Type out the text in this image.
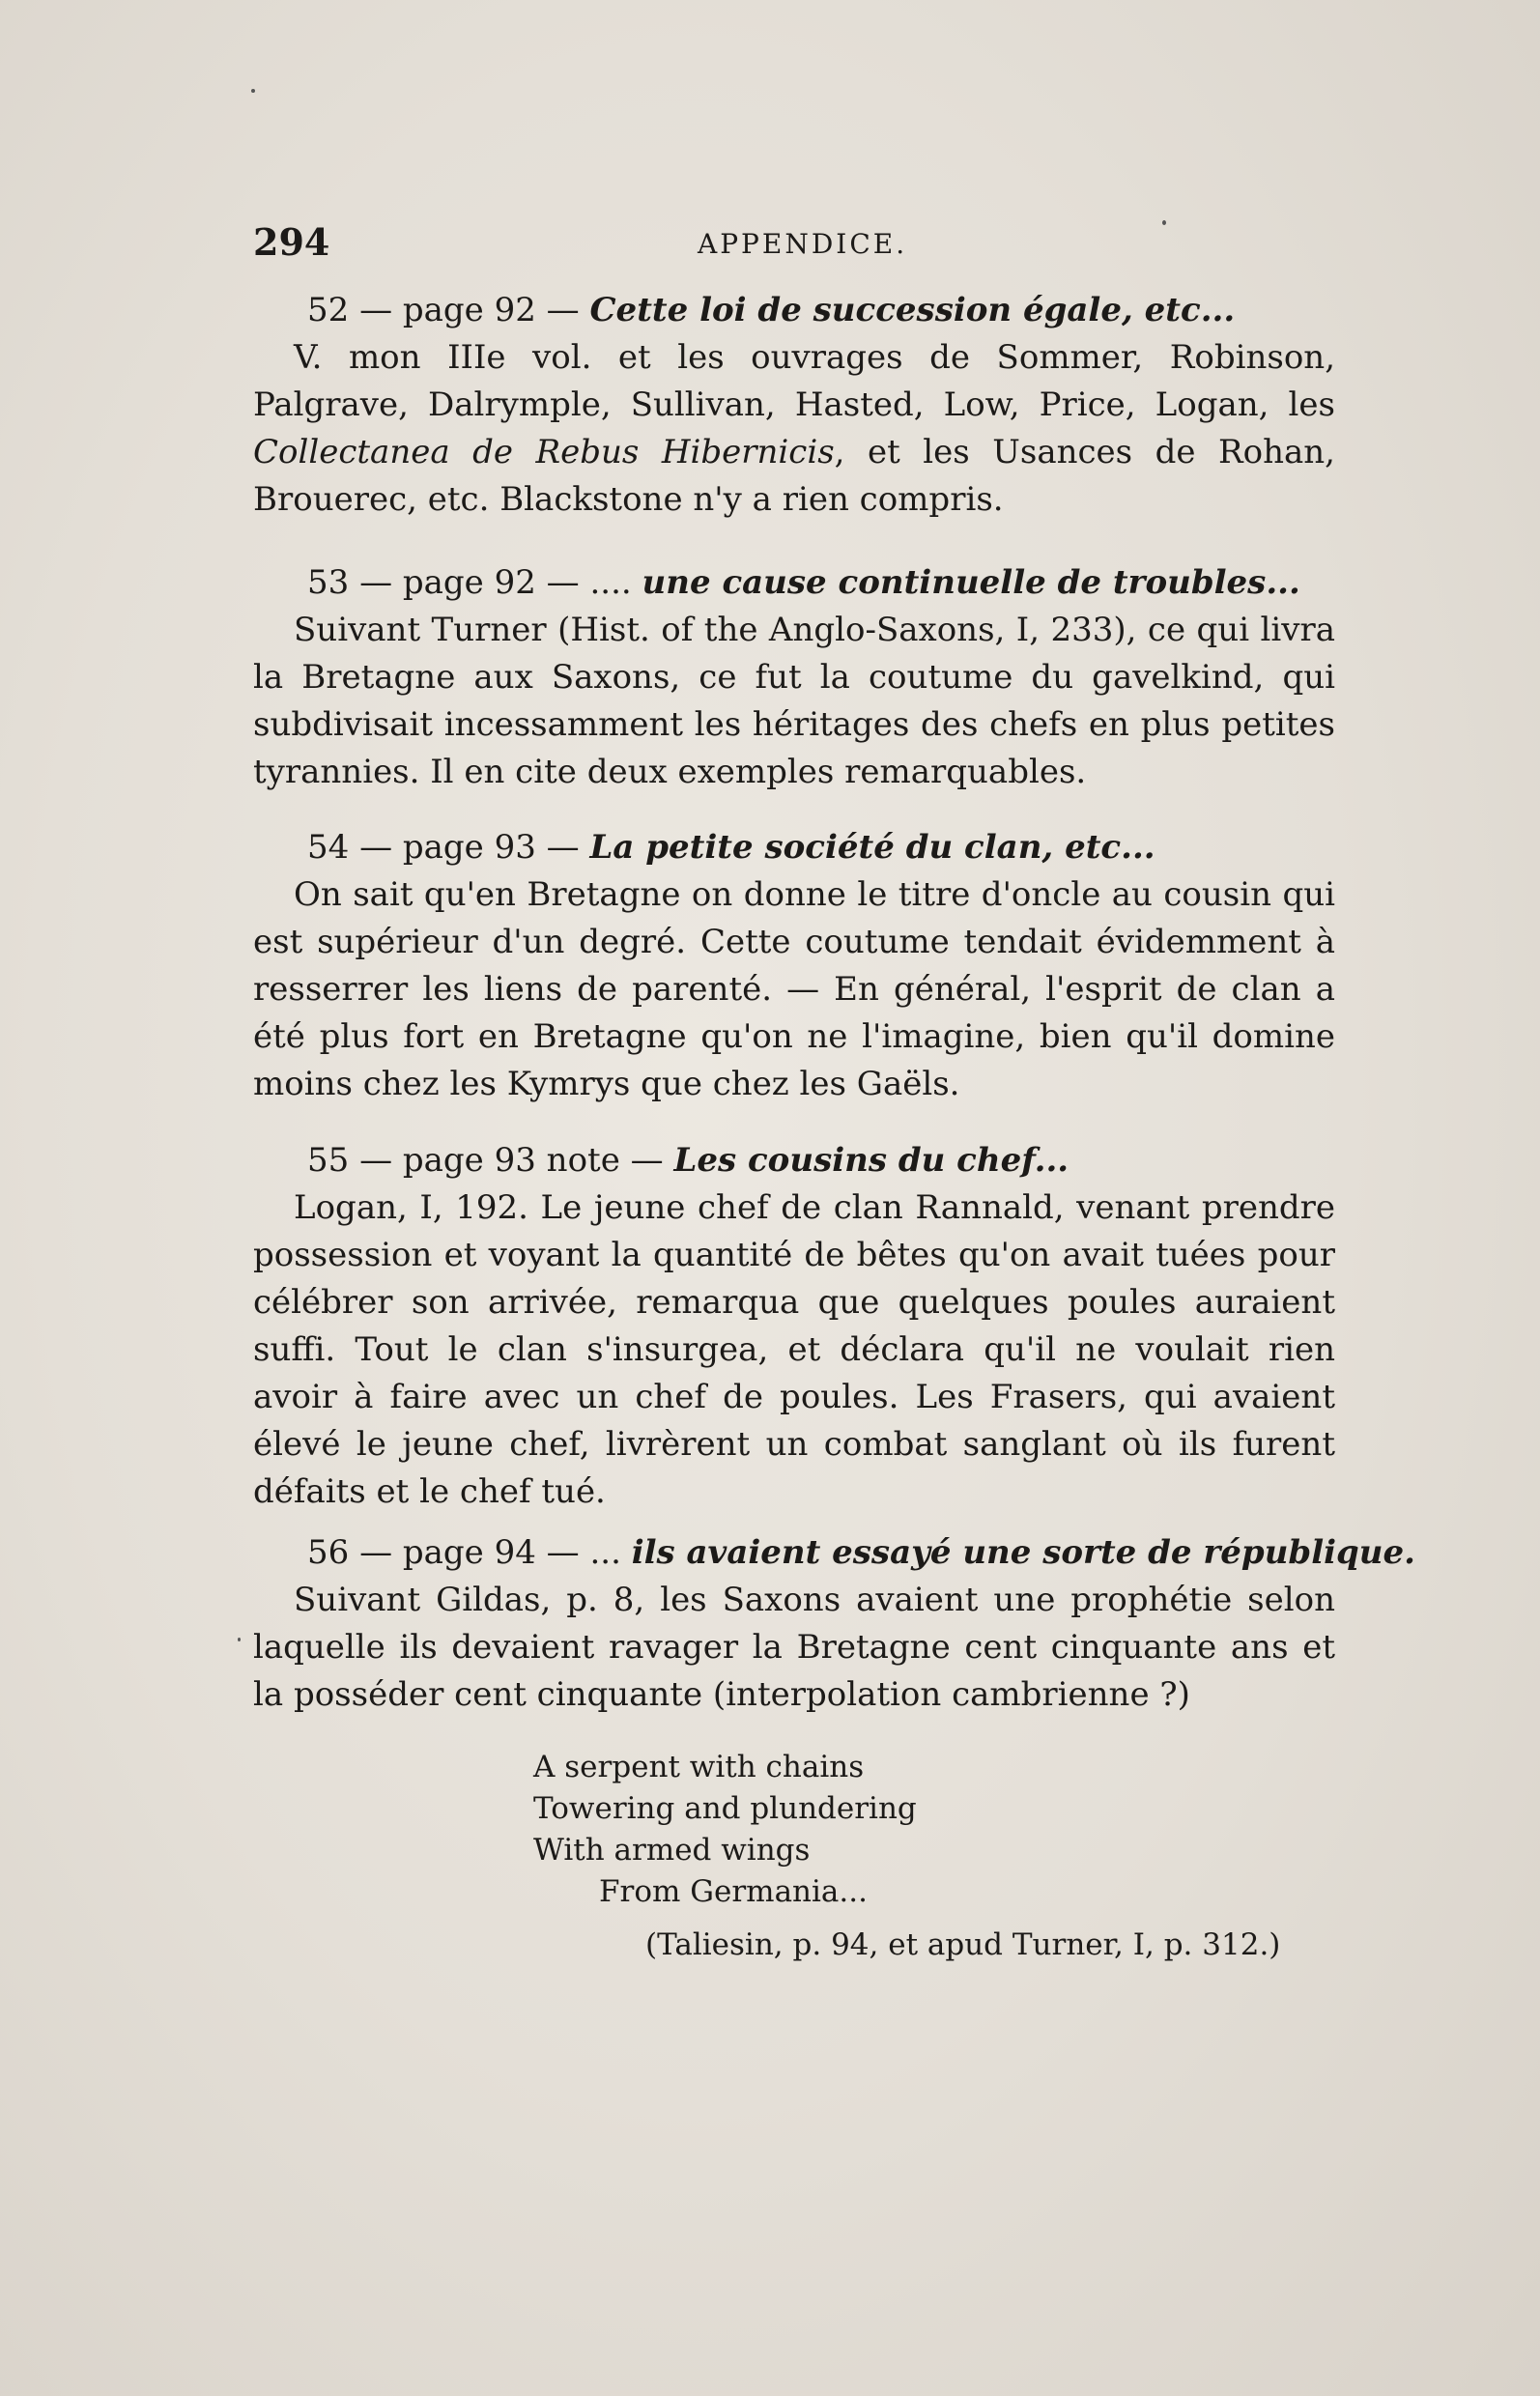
294	APPENDICE.
52 — page 92 — Cette loi de succession égale, etc...
V. mon IIIe vol. et les ouvrages de Sommer, Robinson, Palgrave, Dalrymple, Sullivan, Hasted, Low, Price, Logan, les Collectanea de Rebus Hibernicis, et les Usances de Rohan, Brouerec, etc. Blackstone n'y a rien compris.
53 — page 92 — .... une cause continuelle de troubles...
Suivant Turner (Hist. of the Anglo-Saxons, I, 233), ce qui livra la Bretagne aux Saxons, ce fut la coutume du gavelkind, qui subdivisait incessamment les héritages des chefs en plus petites tyrannies. Il en cite deux exemples remarquables.
54 — page 93 — La petite société du clan, etc...
On sait qu'en Bretagne on donne le titre d'oncle au cousin qui est supérieur d'un degré. Cette coutume tendait évidemment à resserrer les liens de parenté. — En général, l'esprit de clan a été plus fort en Bretagne qu'on ne l'imagine, bien qu'il domine moins chez les Kymrys que chez les Gaëls.
55 — page 93 note — Les cousins du chef...
Logan, I, 192. Le jeune chef de clan Rannald, venant prendre possession et voyant la quantité de bêtes qu'on avait tuées pour célébrer son arrivée, remarqua que quelques poules auraient suffi. Tout le clan s'insurgea, et déclara qu'il ne voulait rien avoir à faire avec un chef de poules. Les Frasers, qui avaient élevé le jeune chef, livrèrent un combat sanglant où ils furent défaits et le chef tué.
56 — page 94 — ... ils avaient essayé une sorte de république.
Suivant Gildas, p. 8, les Saxons avaient une prophétie selon laquelle ils devaient ravager la Bretagne cent cinquante ans et la posséder cent cinquante (interpolation cambrienne ?)
A serpent with chains
Towering and plundering
With armed wings
From Germania...
(Taliesin, p. 94, et apud Turner, I, p. 312.)
